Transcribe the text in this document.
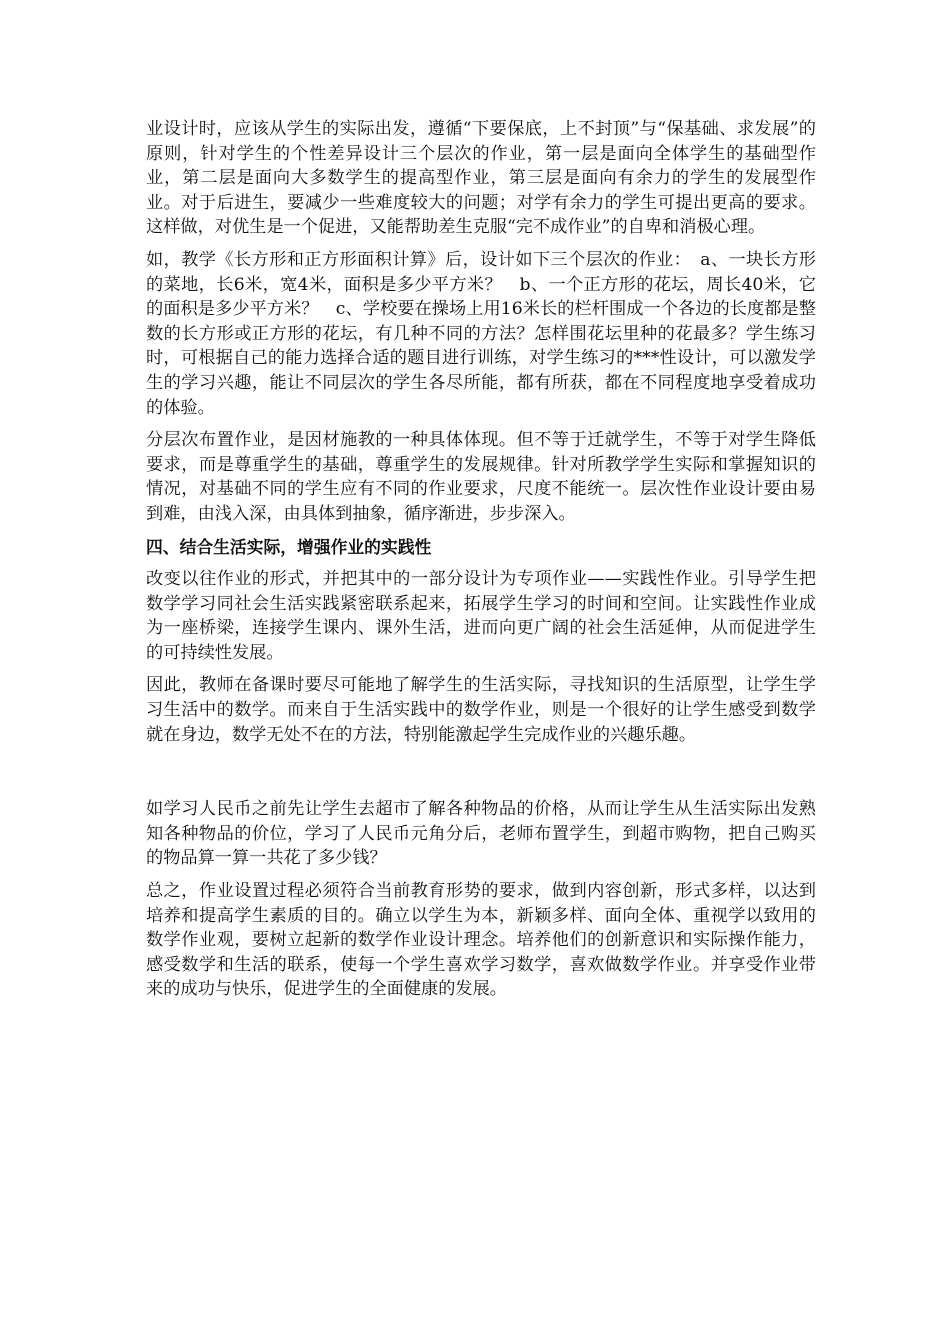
业设计时，应该从学生的实际出发，遵循“下要保底，上不封顶”与“保基础、求发展”的原则，针对学生的个性差异设计三个层次的作业，第一层是面向全体学生的基础型作业，第二层是面向大多数学生的提高型作业，第三层是面向有余力的学生的发展型作业。对于后进生，要减少一些难度较大的问题；对学有余力的学生可提出更高的要求。这样做，对优生是一个促进，又能帮助差生克服“完不成作业”的自卑和消极心理。

如，教学《长方形和正方形面积计算》后，设计如下三个层次的作业：　a、一块长方形的菜地，长6米，宽4米，面积是多少平方米？　b、一个正方形的花坛，周长40米，它的面积是多少平方米？　c、学校要在操场上用16米长的栏杆围成一个各边的长度都是整数的长方形或正方形的花坛，有几种不同的方法？怎样围花坛里种的花最多？学生练习时，可根据自己的能力选择合适的题目进行训练，对学生练习的***性设计，可以激发学生的学习兴趣，能让不同层次的学生各尽所能，都有所获，都在不同程度地享受着成功的体验。

分层次布置作业，是因材施教的一种具体体现。但不等于迁就学生，不等于对学生降低要求，而是尊重学生的基础，尊重学生的发展规律。针对所教学学生实际和掌握知识的情况，对基础不同的学生应有不同的作业要求，尺度不能统一。层次性作业设计要由易到难，由浅入深，由具体到抽象，循序渐进，步步深入。

四、结合生活实际，增强作业的实践性

改变以往作业的形式，并把其中的一部分设计为专项作业——实践性作业。引导学生把数学学习同社会生活实践紧密联系起来，拓展学生学习的时间和空间。让实践性作业成为一座桥梁，连接学生课内、课外生活，进而向更广阔的社会生活延伸，从而促进学生的可持续性发展。

因此，教师在备课时要尽可能地了解学生的生活实际，寻找知识的生活原型，让学生学习生活中的数学。而来自于生活实践中的数学作业，则是一个很好的让学生感受到数学就在身边，数学无处不在的方法，特别能激起学生完成作业的兴趣乐趣。

如学习人民币之前先让学生去超市了解各种物品的价格，从而让学生从生活实际出发熟知各种物品的价位，学习了人民币元角分后，老师布置学生，到超市购物，把自己购买的物品算一算一共花了多少钱？

总之，作业设置过程必须符合当前教育形势的要求，做到内容创新，形式多样，以达到培养和提高学生素质的目的。确立以学生为本，新颖多样、面向全体、重视学以致用的数学作业观，要树立起新的数学作业设计理念。培养他们的创新意识和实际操作能力，感受数学和生活的联系，使每一个学生喜欢学习数学，喜欢做数学作业。并享受作业带来的成功与快乐，促进学生的全面健康的发展。
